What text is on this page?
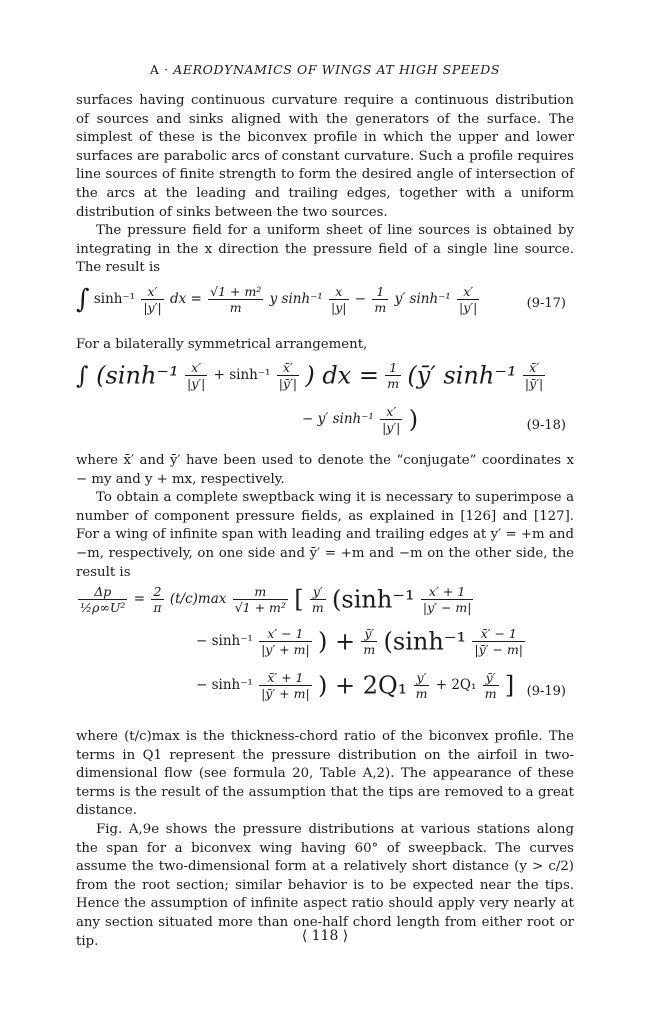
A · AERODYNAMICS OF WINGS AT HIGH SPEEDS

surfaces having continuous curvature require a continuous distribution of sources and sinks aligned with the generators of the surface. The simplest of these is the biconvex profile in which the upper and lower surfaces are parabolic arcs of constant curvature. Such a profile requires line sources of finite strength to form the desired angle of intersection of the arcs at the leading and trailing edges, together with a uniform distribution of sinks between the two sources.

The pressure field for a uniform sheet of line sources is obtained by integrating in the x direction the pressure field of a single line source. The result is

∫ $\sinh^{-1} \frac{x'}{|y'|}$ dx = $\frac{\text{√1 + m²}}{m}$ y $\sinh^{-1} \frac{x}{|y|} - \frac{1}{m} y'$ $\sinh^{-1} \frac{x'}{|y'|}$	(9-17)

For a bilaterally symmetrical arrangement,

∫ ($\sinh^{-1} \frac{x'}{|y'|} + \sinh^{-1} \frac{x̄'}{|ȳ'|}$ ) dx = $\frac{1}{m}$ (ȳ′ $\sinh^{-1} \frac{x̄'}{|ȳ'|}$
− y′ $\sinh^{-1} \frac{x'}{|y'|}$ )	(9-18)

where x̄′ and ȳ′ have been used to denote the “conjugate” coordinates x − my and y + mx, respectively.

To obtain a complete sweptback wing it is necessary to superimpose a number of component pressure fields, as explained in [126] and [127]. For a wing of infinite span with leading and trailing edges at y′ = +m and −m, respectively, on one side and ȳ′ = +m and −m on the other side, the result is

$\frac{\Delta p}{\text{½ρ∞U²}} = \frac{2}{\pi} (t/c)\max \frac{m}{\text{√1 + m²}}$ [ $\frac{y'}{m} (\sinh^{-1} \frac{x' + 1}{|y' - m|}$
− $\sinh^{-1} \frac{x' - 1}{|y' + m|}$ ) + $\frac{ȳ'}{m} (\sinh^{-1} \frac{x̄' - 1}{|ȳ' - m|}$
− $\sinh^{-1} \frac{x̄' + 1}{|ȳ' + m|}$ ) + $2Q_1 \frac{y'}{m} + 2Q_1 \frac{ȳ'}{m}$ ] (9-19)

where (t/c)max is the thickness-chord ratio of the biconvex profile. The terms in Q1 represent the pressure distribution on the airfoil in two-dimensional flow (see formula 20, Table A,2). The appearance of these terms is the result of the assumption that the tips are removed to a great distance.

Fig. A,9e shows the pressure distributions at various stations along the span for a biconvex wing having 60° of sweepback. The curves assume the two-dimensional form at a relatively short distance (y > c/2) from the root section; similar behavior is to be expected near the tips. Hence the assumption of infinite aspect ratio should apply very nearly at any section situated more than one-half chord length from either root or tip.	⟨ 118 ⟩
